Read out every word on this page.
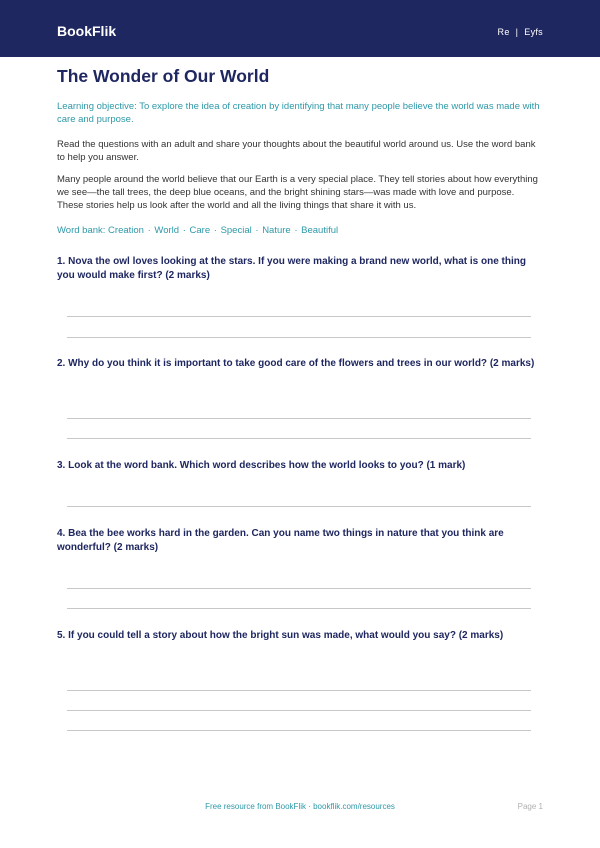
BookFlik	Re | Eyfs
The Wonder of Our World

Learning objective: To explore the idea of creation by identifying that many people believe the world was made with care and purpose.

Read the questions with an adult and share your thoughts about the beautiful world around us. Use the word bank to help you answer.

Many people around the world believe that our Earth is a very special place. They tell stories about how everything we see—the tall trees, the deep blue oceans, and the bright shining stars—was made with love and purpose. These stories help us look after the world and all the living things that share it with us.

Word bank: Creation · World · Care · Special · Nature · Beautiful

1. Nova the owl loves looking at the stars. If you were making a brand new world, what is one thing you would make first? (2 marks)

2. Why do you think it is important to take good care of the flowers and trees in our world? (2 marks)

3. Look at the word bank. Which word describes how the world looks to you? (1 mark)

4. Bea the bee works hard in the garden. Can you name two things in nature that you think are wonderful? (2 marks)

5. If you could tell a story about how the bright sun was made, what would you say? (2 marks)

Free resource from BookFlik · bookflik.com/resources	Page 1
